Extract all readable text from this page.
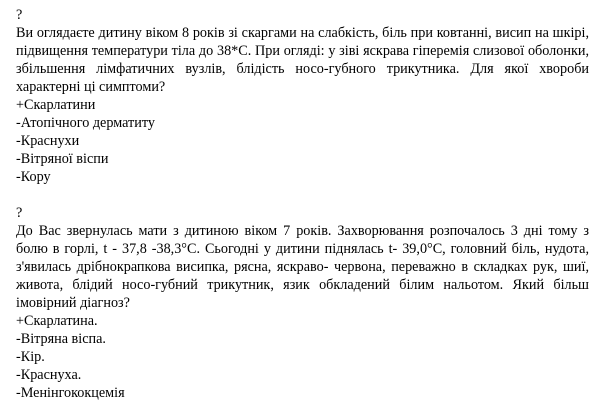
?

Ви оглядаєте дитину віком 8 років зі скаргами на слабкість, біль при ковтанні, висип на шкірі, підвищення температури тіла до 38*С. При огляді: у зіві яскрава гіперемія слизової оболонки, збільшення лімфатичних вузлів, блідість носо-губного трикутника. Для якої хвороби характерні ці симптоми?

+Скарлатини
-Атопічного дерматиту
-Краснухи
-Вітряної віспи
-Кору
?

До Вас звернулась мати з дитиною віком 7 років. Захворювання розпочалось 3 дні тому з болю в горлі, t - 37,8 -38,3°С. Сьогодні у дитини піднялась t- 39,0°С, головний біль, нудота, з'явилась дрібнокрапкова висипка, рясна, яскраво- червона, переважно в складках рук, шиї, живота, блідий носо-губний трикутник, язик обкладений білим нальотом. Який більш імовірний діагноз?

+Скарлатина.
-Вітряна віспа.
-Кір.
-Краснуха.
-Менінгококцемія
